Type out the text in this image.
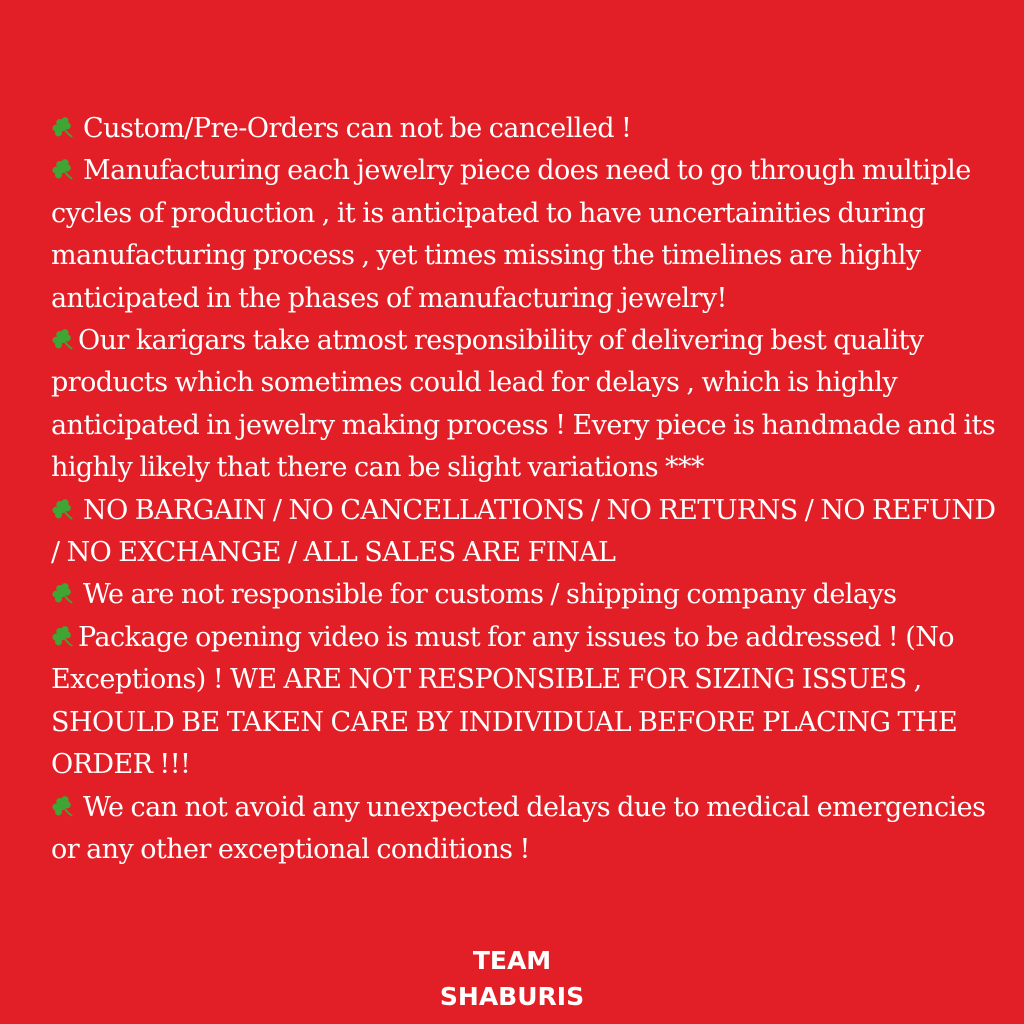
Custom/Pre-Orders can not be cancelled !

Manufacturing each jewelry piece does need to go through multiple cycles of production , it is anticipated to have uncertainities during manufacturing process , yet times missing the timelines are highly anticipated in the phases of manufacturing jewelry!

Our karigars take atmost responsibility of delivering best quality products which sometimes could lead for delays , which is highly anticipated in jewelry making process ! Every piece is handmade and its highly likely that there can be slight variations ***

NO BARGAIN / NO CANCELLATIONS / NO RETURNS / NO REFUND / NO EXCHANGE / ALL SALES ARE FINAL

We are not responsible for customs / shipping company delays

Package opening video is must for any issues to be addressed ! (No Exceptions) ! WE ARE NOT RESPONSIBLE FOR SIZING ISSUES , SHOULD BE TAKEN CARE BY INDIVIDUAL BEFORE PLACING THE ORDER !!!

We can not avoid any unexpected delays due to medical emergencies or any other exceptional conditions !

TEAM
SHABURIS
